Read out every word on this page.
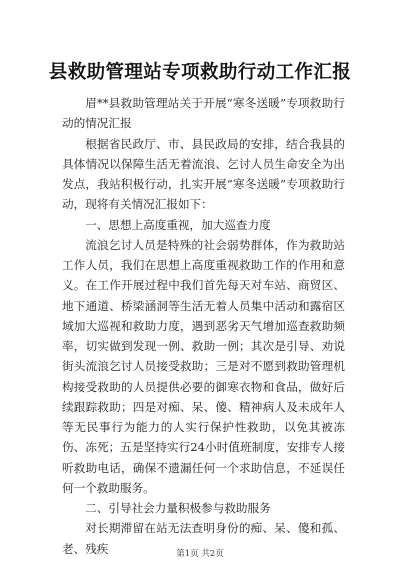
县救助管理站专项救助行动工作汇报

眉**县救助管理站关于开展“寒冬送暖”专项救助行动的情况汇报

根据省民政厅、市、县民政局的安排，结合我县的具体情况以保障生活无着流浪、乞讨人员生命安全为出发点，我站积极行动，扎实开展“寒冬送暖”专项救助行动，现将有关情况汇报如下：

一、思想上高度重视，加大巡查力度

流浪乞讨人员是特殊的社会弱势群体，作为救助站工作人员，我们在思想上高度重视救助工作的作用和意义。在工作开展过程中我们首先每天对车站、商贸区、地下通道、桥梁涵洞等生活无着人员集中活动和露宿区域加大巡视和救助力度，遇到恶劣天气增加巡查救助频率，切实做到发现一例、救助一例；其次是引导、劝说街头流浪乞讨人员接受救助；三是对不愿到救助管理机构接受救助的人员提供必要的御寒衣物和食品，做好后续跟踪救助；四是对痴、呆、傻、精神病人及未成年人等无民事行为能力的人实行保护性救助，以免其被冻伤、冻死；五是坚持实行24小时值班制度，安排专人接听救助电话，确保不遗漏任何一个求助信息，不延误任何一个救助服务。

二、引导社会力量积极参与救助服务

对长期滞留在站无法查明身份的痴、呆、傻和孤、老、残疾	第1页 共2页
